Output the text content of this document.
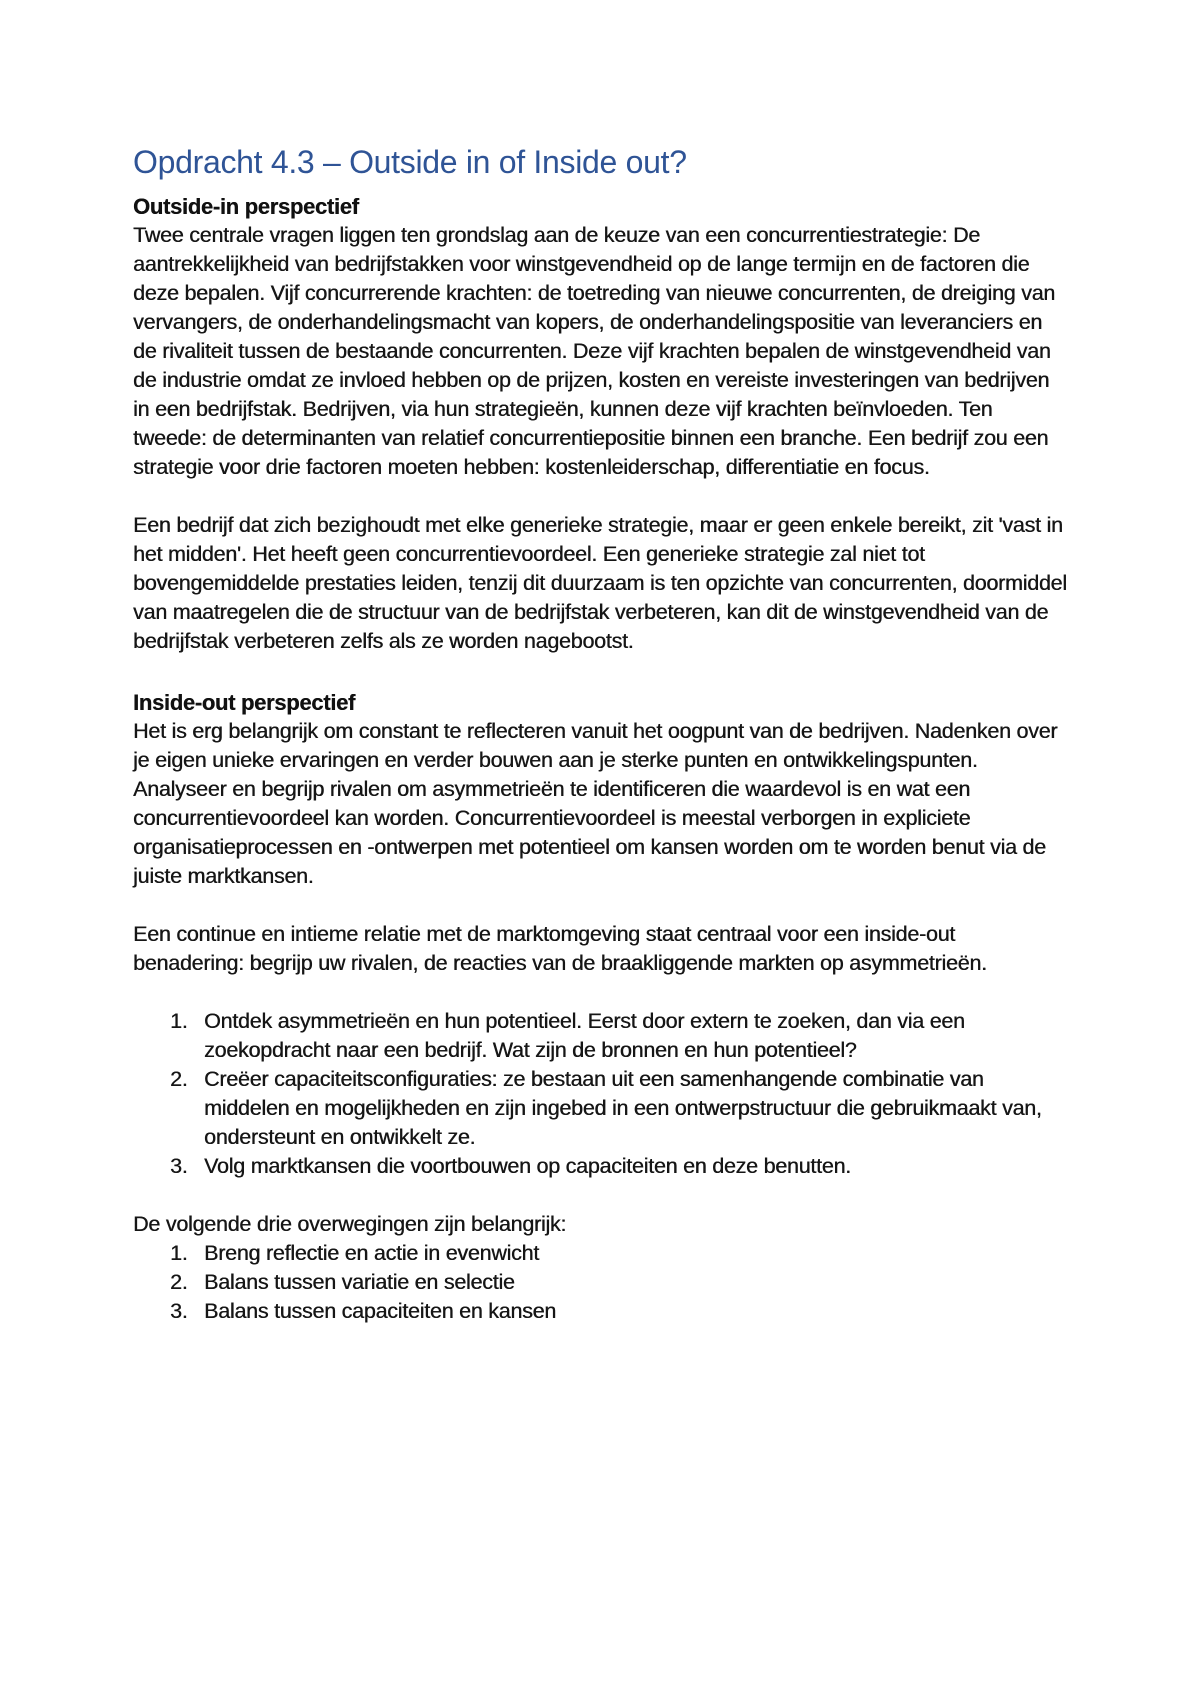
Opdracht 4.3 – Outside in of Inside out?
Outside-in perspectief

Twee centrale vragen liggen ten grondslag aan de keuze van een concurrentiestrategie: De aantrekkelijkheid van bedrijfstakken voor winstgevendheid op de lange termijn en de factoren die deze bepalen. Vijf concurrerende krachten: de toetreding van nieuwe concurrenten, de dreiging van vervangers, de onderhandelingsmacht van kopers, de onderhandelingspositie van leveranciers en de rivaliteit tussen de bestaande concurrenten. Deze vijf krachten bepalen de winstgevendheid van de industrie omdat ze invloed hebben op de prijzen, kosten en vereiste investeringen van bedrijven in een bedrijfstak. Bedrijven, via hun strategieën, kunnen deze vijf krachten beïnvloeden. Ten tweede: de determinanten van relatief concurrentiepositie binnen een branche. Een bedrijf zou een strategie voor drie factoren moeten hebben: kostenleiderschap, differentiatie en focus.

Een bedrijf dat zich bezighoudt met elke generieke strategie, maar er geen enkele bereikt, zit 'vast in het midden'. Het heeft geen concurrentievoordeel. Een generieke strategie zal niet tot bovengemiddelde prestaties leiden, tenzij dit duurzaam is ten opzichte van concurrenten, doormiddel van maatregelen die de structuur van de bedrijfstak verbeteren, kan dit de winstgevendheid van de bedrijfstak verbeteren zelfs als ze worden nagebootst.

Inside-out perspectief

Het is erg belangrijk om constant te reflecteren vanuit het oogpunt van de bedrijven. Nadenken over je eigen unieke ervaringen en verder bouwen aan je sterke punten en ontwikkelingspunten. Analyseer en begrijp rivalen om asymmetrieën te identificeren die waardevol is en wat een concurrentievoordeel kan worden. Concurrentievoordeel is meestal verborgen in expliciete organisatieprocessen en -ontwerpen met potentieel om kansen worden om te worden benut via de juiste marktkansen.

Een continue en intieme relatie met de marktomgeving staat centraal voor een inside-out benadering: begrijp uw rivalen, de reacties van de braakliggende markten op asymmetrieën.

1. Ontdek asymmetrieën en hun potentieel. Eerst door extern te zoeken, dan via een zoekopdracht naar een bedrijf. Wat zijn de bronnen en hun potentieel?
2. Creëer capaciteitsconfiguraties: ze bestaan uit een samenhangende combinatie van middelen en mogelijkheden en zijn ingebed in een ontwerpstructuur die gebruikmaakt van, ondersteunt en ontwikkelt ze.
3. Volg marktkansen die voortbouwen op capaciteiten en deze benutten.

De volgende drie overwegingen zijn belangrijk:

1. Breng reflectie en actie in evenwicht
2. Balans tussen variatie en selectie
3. Balans tussen capaciteiten en kansen
